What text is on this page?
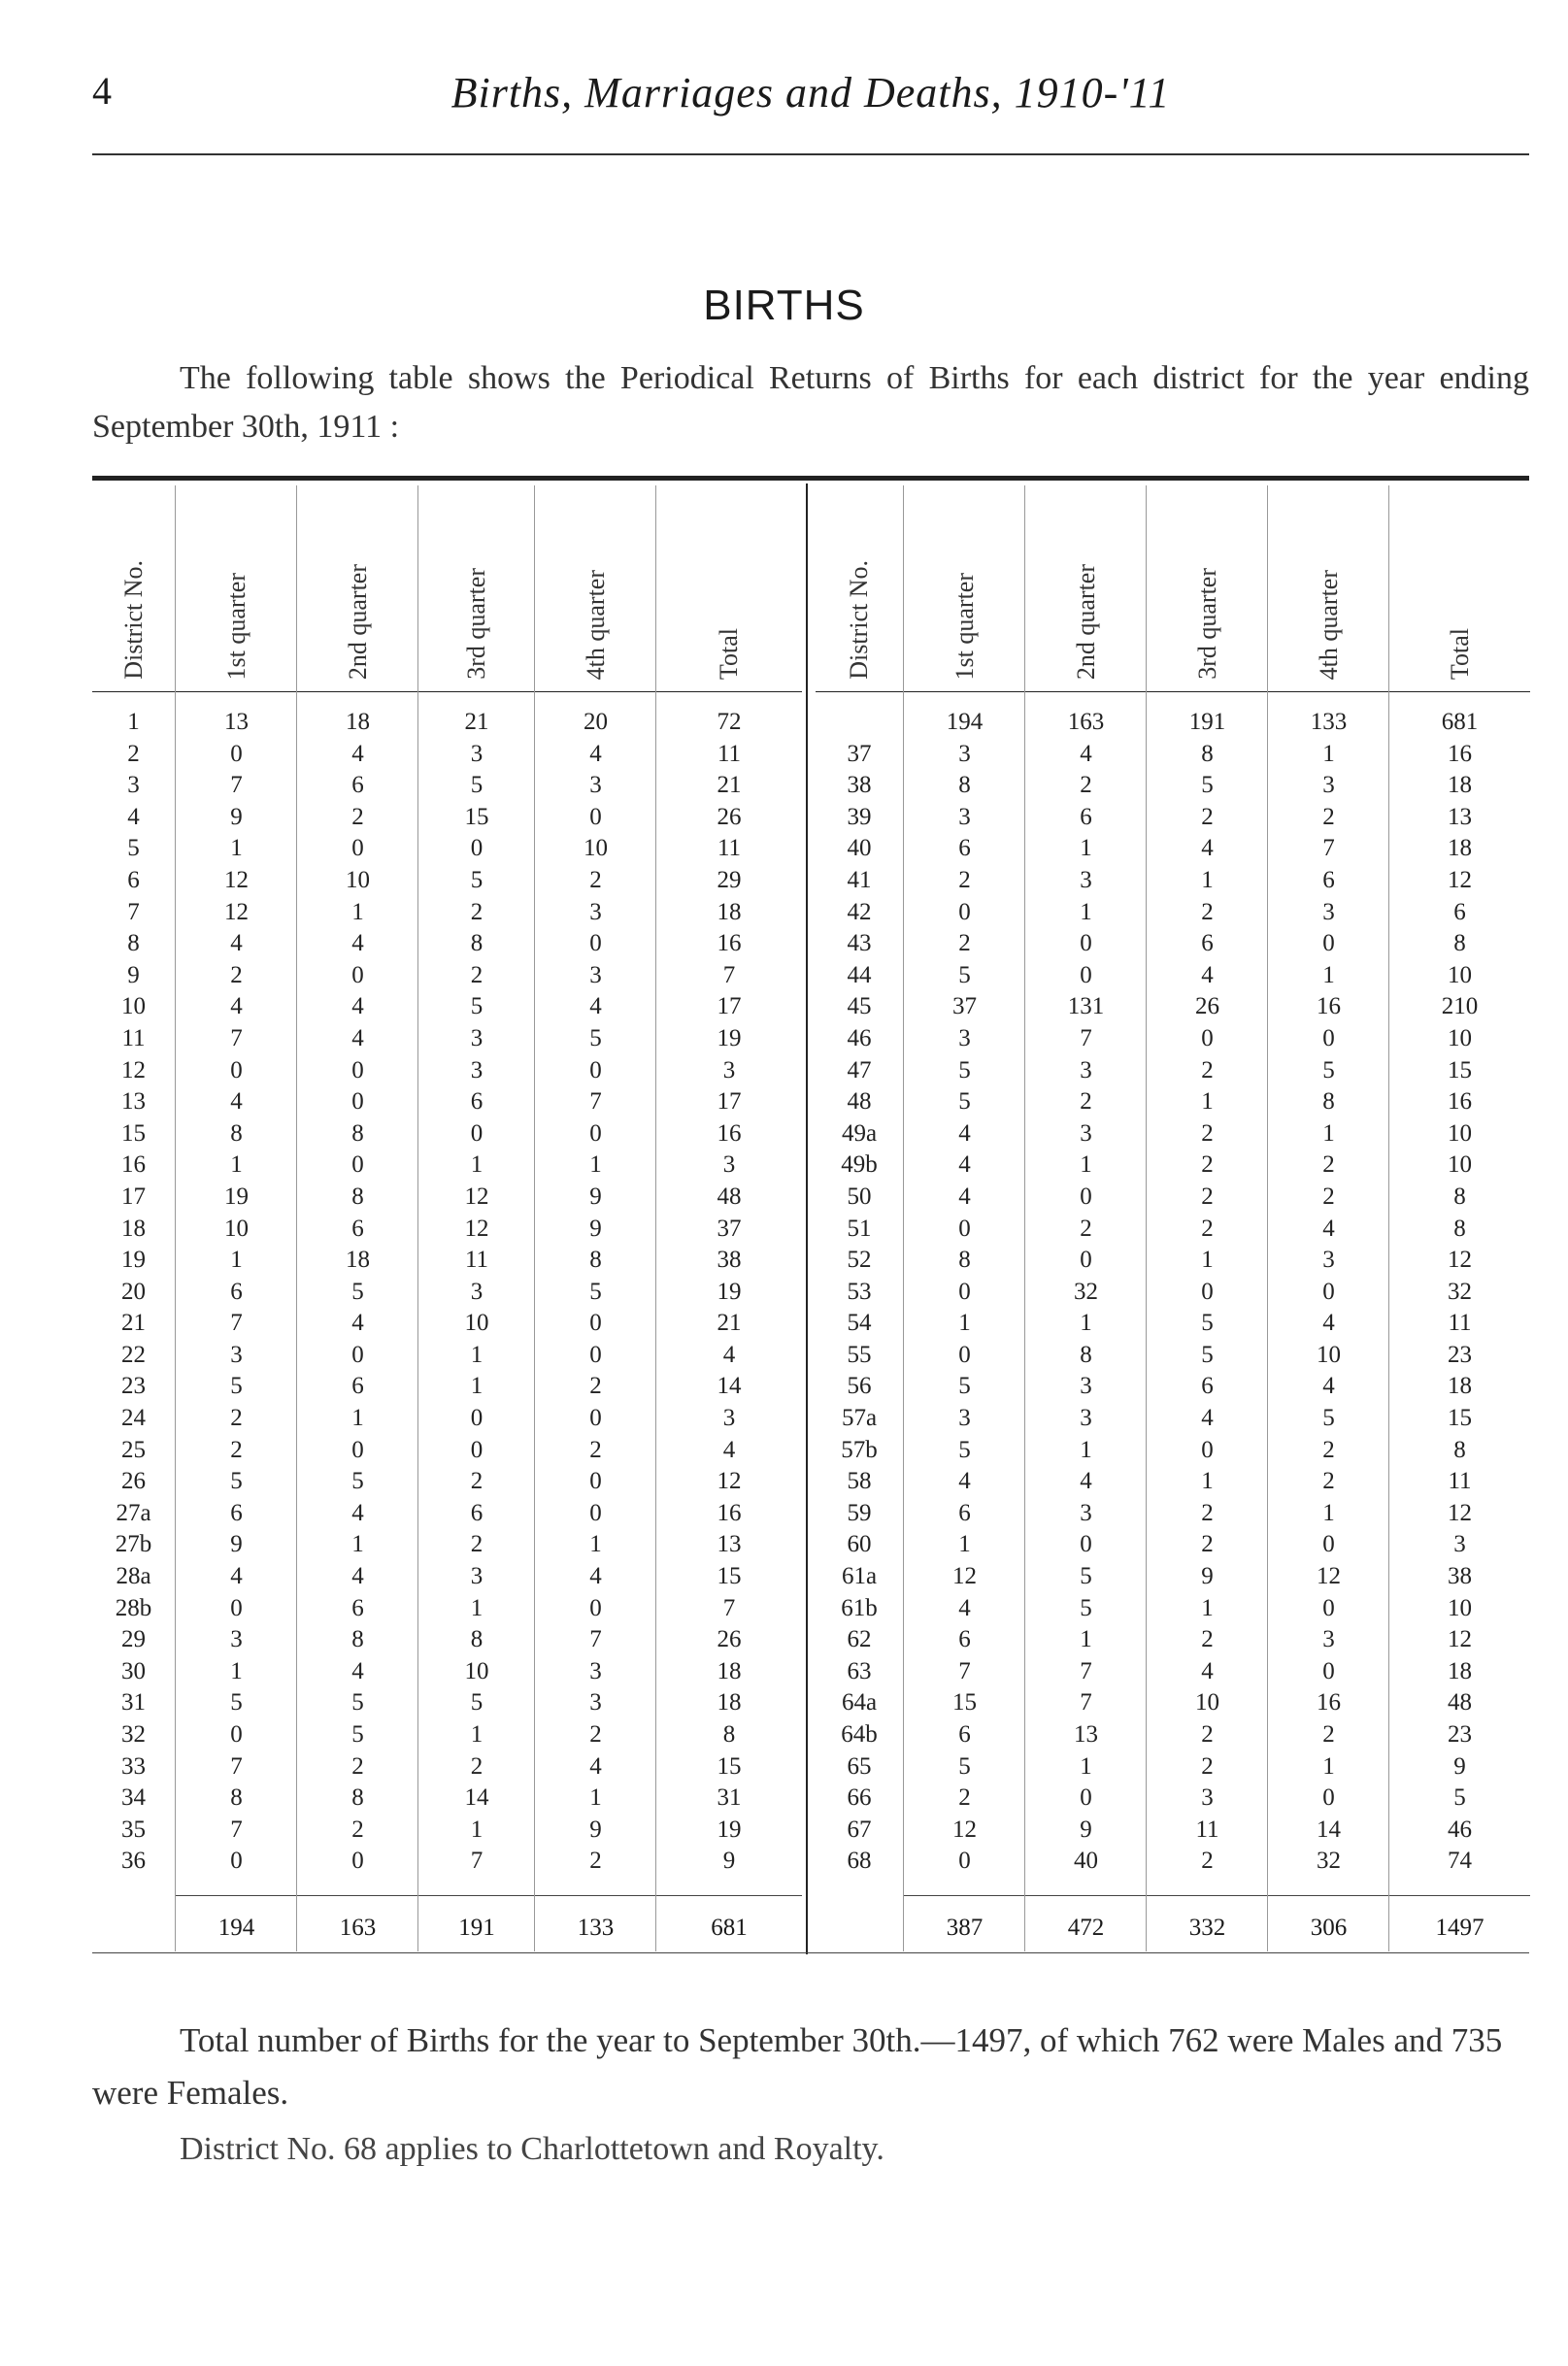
4	Births, Marriages and Deaths, 1910-'11
BIRTHS
The following table shows the Periodical Returns of Births for each district for the year ending September 30th, 1911 :
District No.
1
2
3
4
5
6
7
8
9
10
11
12
13
15
16
17
18
19
20
21
22
23
24
25
26
27a
27b
28a
28b
29
30
31
32
33
34
35
36
1st quarter
13
0
7
9
1
12
12
4
2
4
7
0
4
8
1
19
10
1
6
7
3
5
2
2
5
6
9
4
0
3
1
5
0
7
8
7
0
194
2nd quarter
18
4
6
2
0
10
1
4
0
4
4
0
0
8
0
8
6
18
5
4
0
6
1
0
5
4
1
4
6
8
4
5
5
2
8
2
0
163
3rd quarter
21
3
5
15
0
5
2
8
2
5
3
3
6
0
1
12
12
11
3
10
1
1
0
0
2
6
2
3
1
8
10
5
1
2
14
1
7
191
4th quarter
20
4
3
0
10
2
3
0
3
4
5
0
7
0
1
9
9
8
5
0
0
2
0
2
0
0
1
4
0
7
3
3
2
4
1
9
2
133
Total
72
11
21
26
11
29
18
16
7
17
19
3
17
16
3
48
37
38
19
21
4
14
3
4
12
16
13
15
7
26
18
18
8
15
31
19
9
681
District No.
37
38
39
40
41
42
43
44
45
46
47
48
49a
49b
50
51
52
53
54
55
56
57a
57b
58
59
60
61a
61b
62
63
64a
64b
65
66
67
68
1st quarter
194
3
8
3
6
2
0
2
5
37
3
5
5
4
4
4
0
8
0
1
0
5
3
5
4
6
1
12
4
6
7
15
6
5
2
12
0
387
2nd quarter
163
4
2
6
1
3
1
0
0
131
7
3
2
3
1
0
2
0
32
1
8
3
3
1
4
3
0
5
5
1
7
7
13
1
0
9
40
472
3rd quarter
191
8
5
2
4
1
2
6
4
26
0
2
1
2
2
2
2
1
0
5
5
6
4
0
1
2
2
9
1
2
4
10
2
2
3
11
2
332
4th quarter
133
1
3
2
7
6
3
0
1
16
0
5
8
1
2
2
4
3
0
4
10
4
5
2
2
1
0
12
0
3
0
16
2
1
0
14
32
306
Total
681
16
18
13
18
12
6
8
10
210
10
15
16
10
10
8
8
12
32
11
23
18
15
8
11
12
3
38
10
12
18
48
23
9
5
46
74
1497
Total number of Births for the year to September 30th.—1497, of which 762 were Males and 735 were Females.
District No. 68 applies to Charlottetown and Royalty.
